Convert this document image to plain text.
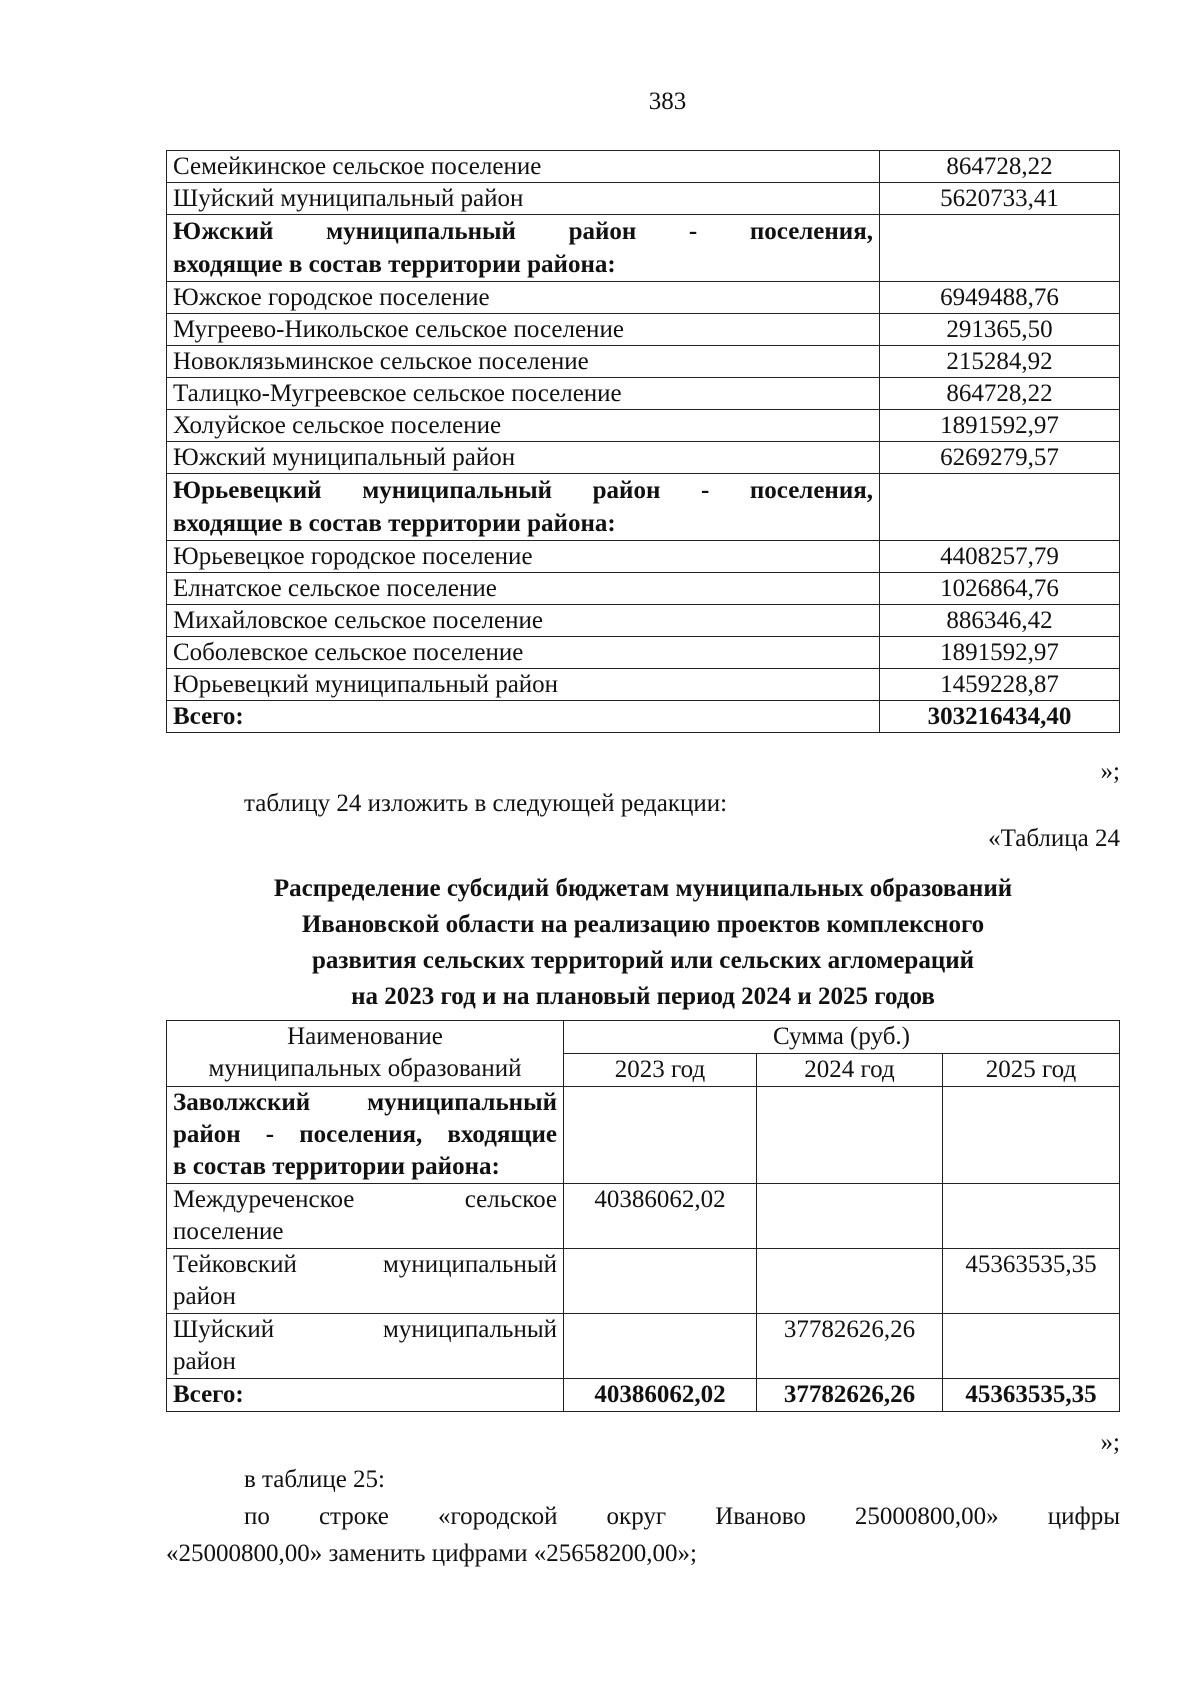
383
Семейкинское сельское поселение	864728,22
Шуйский муниципальный район	5620733,41

Южский муниципальный район - поселения,
входящие в состав территории района:	

Южское городское поселение	6949488,76
Мугреево-Никольское сельское поселение	291365,50
Новоклязьминское сельское поселение	215284,92
Талицко-Мугреевское сельское поселение	864728,22
Холуйское сельское поселение	1891592,97
Южский муниципальный район	6269279,57

Юрьевецкий муниципальный район - поселения,
входящие в состав территории района:	

Юрьевецкое городское поселение	4408257,79
Елнатское сельское поселение	1026864,76
Михайловское сельское поселение	886346,42
Соболевское сельское поселение	1891592,97
Юрьевецкий муниципальный район	1459228,87
Всего:	303216434,40
»;
таблицу 24 изложить в следующей редакции:
«Таблица 24
Распределение субсидий бюджетам муниципальных образований
Ивановской области на реализацию проектов комплексного
развития сельских территорий или сельских агломераций
на 2023 год и на плановый период 2024 и 2025 годов
Наименование
муниципальных образований	Сумма (руб.)		
	2023 год	2024 год	2025 год

Заволжский муниципальный
район - поселения, входящие
в состав территории района:			

Междуреченское сельское
поселение	40386062,02		

Тейковский муниципальный
район			45363535,35

Шуйский муниципальный
район		37782626,26	
Всего:	40386062,02	37782626,26	45363535,35
»;
в таблице 25:
по строке «городской округ Иваново 25000800,00» цифры
«25000800,00» заменить цифрами «25658200,00»;
